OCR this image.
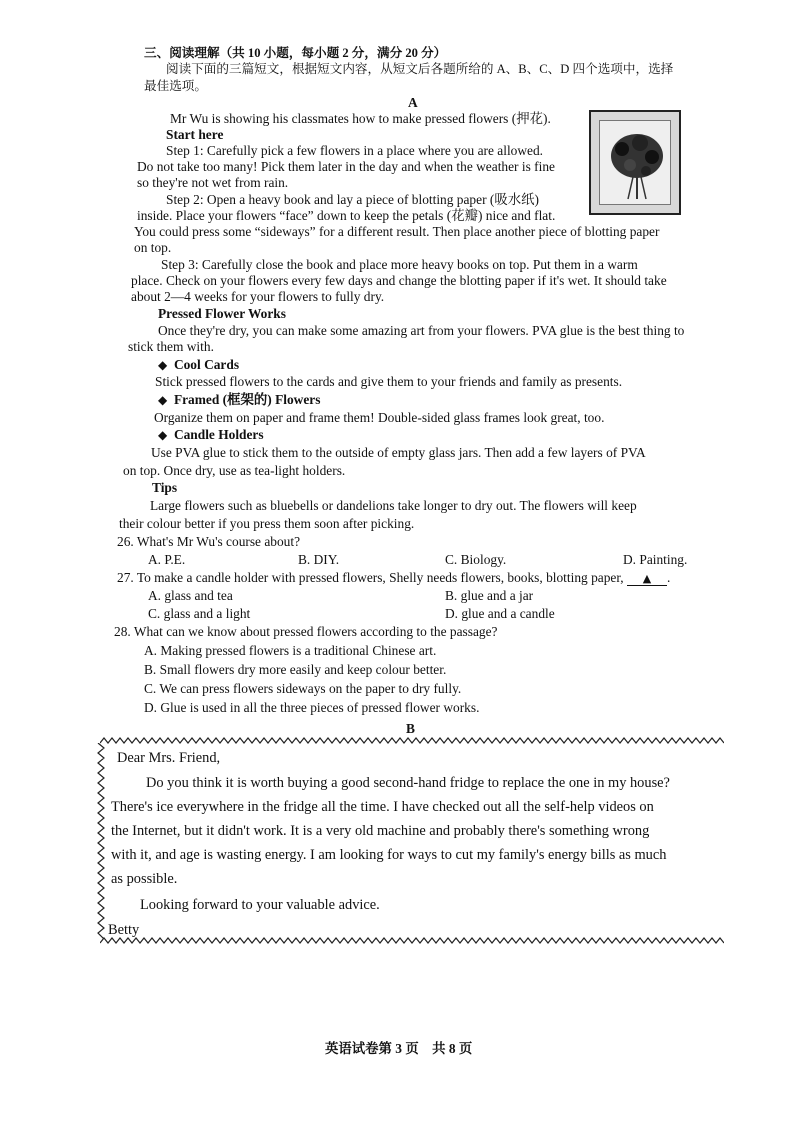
三、阅读理解（共 10 小题，每小题 2 分，满分 20 分）
阅读下面的三篇短文，根据短文内容，从短文后各题所给的 A、B、C、D 四个选项中，选择
最佳选项。
A
Mr Wu is showing his classmates how to make pressed flowers (押花).
Start here
Step 1: Carefully pick a few flowers in a place where you are allowed.
Do not take too many! Pick them later in the day and when the weather is fine
so they're not wet from rain.
Step 2: Open a heavy book and lay a piece of blotting paper (吸水纸)
inside. Place your flowers “face” down to keep the petals (花瓣) nice and flat.
You could press some “sideways” for a different result. Then place another piece of blotting paper
on top.
Step 3: Carefully close the book and place more heavy books on top. Put them in a warm
place. Check on your flowers every few days and change the blotting paper if it's wet. It should take
about 2—4 weeks for your flowers to fully dry.
Pressed Flower Works
Once they're dry, you can make some amazing art from your flowers. PVA glue is the best thing to
stick them with.
◆ Cool Cards
Stick pressed flowers to the cards and give them to your friends and family as presents.
◆ Framed (框架的) Flowers
Organize them on paper and frame them! Double-sided glass frames look great, too.
◆ Candle Holders
Use PVA glue to stick them to the outside of empty glass jars. Then add a few layers of PVA
on top. Once dry, use as tea-light holders.
Tips
Large flowers such as bluebells or dandelions take longer to dry out. The flowers will keep
their colour better if you press them soon after picking.
26. What's Mr Wu's course about?
A. P.E.	B. DIY.	C. Biology.	D. Painting.
27. To make a candle holder with pressed flowers, Shelly needs flowers, books, blotting paper, ▲ .
A. glass and tea	B. glue and a jar
C. glass and a light	D. glue and a candle
28. What can we know about pressed flowers according to the passage?
A. Making pressed flowers is a traditional Chinese art.
B. Small flowers dry more easily and keep colour better.
C. We can press flowers sideways on the paper to dry fully.
D. Glue is used in all the three pieces of pressed flower works.
B
Dear Mrs. Friend,
Do you think it is worth buying a good second-hand fridge to replace the one in my house?
There's ice everywhere in the fridge all the time. I have checked out all the self-help videos on
the Internet, but it didn't work. It is a very old machine and probably there's something wrong
with it, and age is wasting energy. I am looking for ways to cut my family's energy bills as much
as possible.
Looking forward to your valuable advice.
Betty
英语试卷第 3 页　共 8 页
